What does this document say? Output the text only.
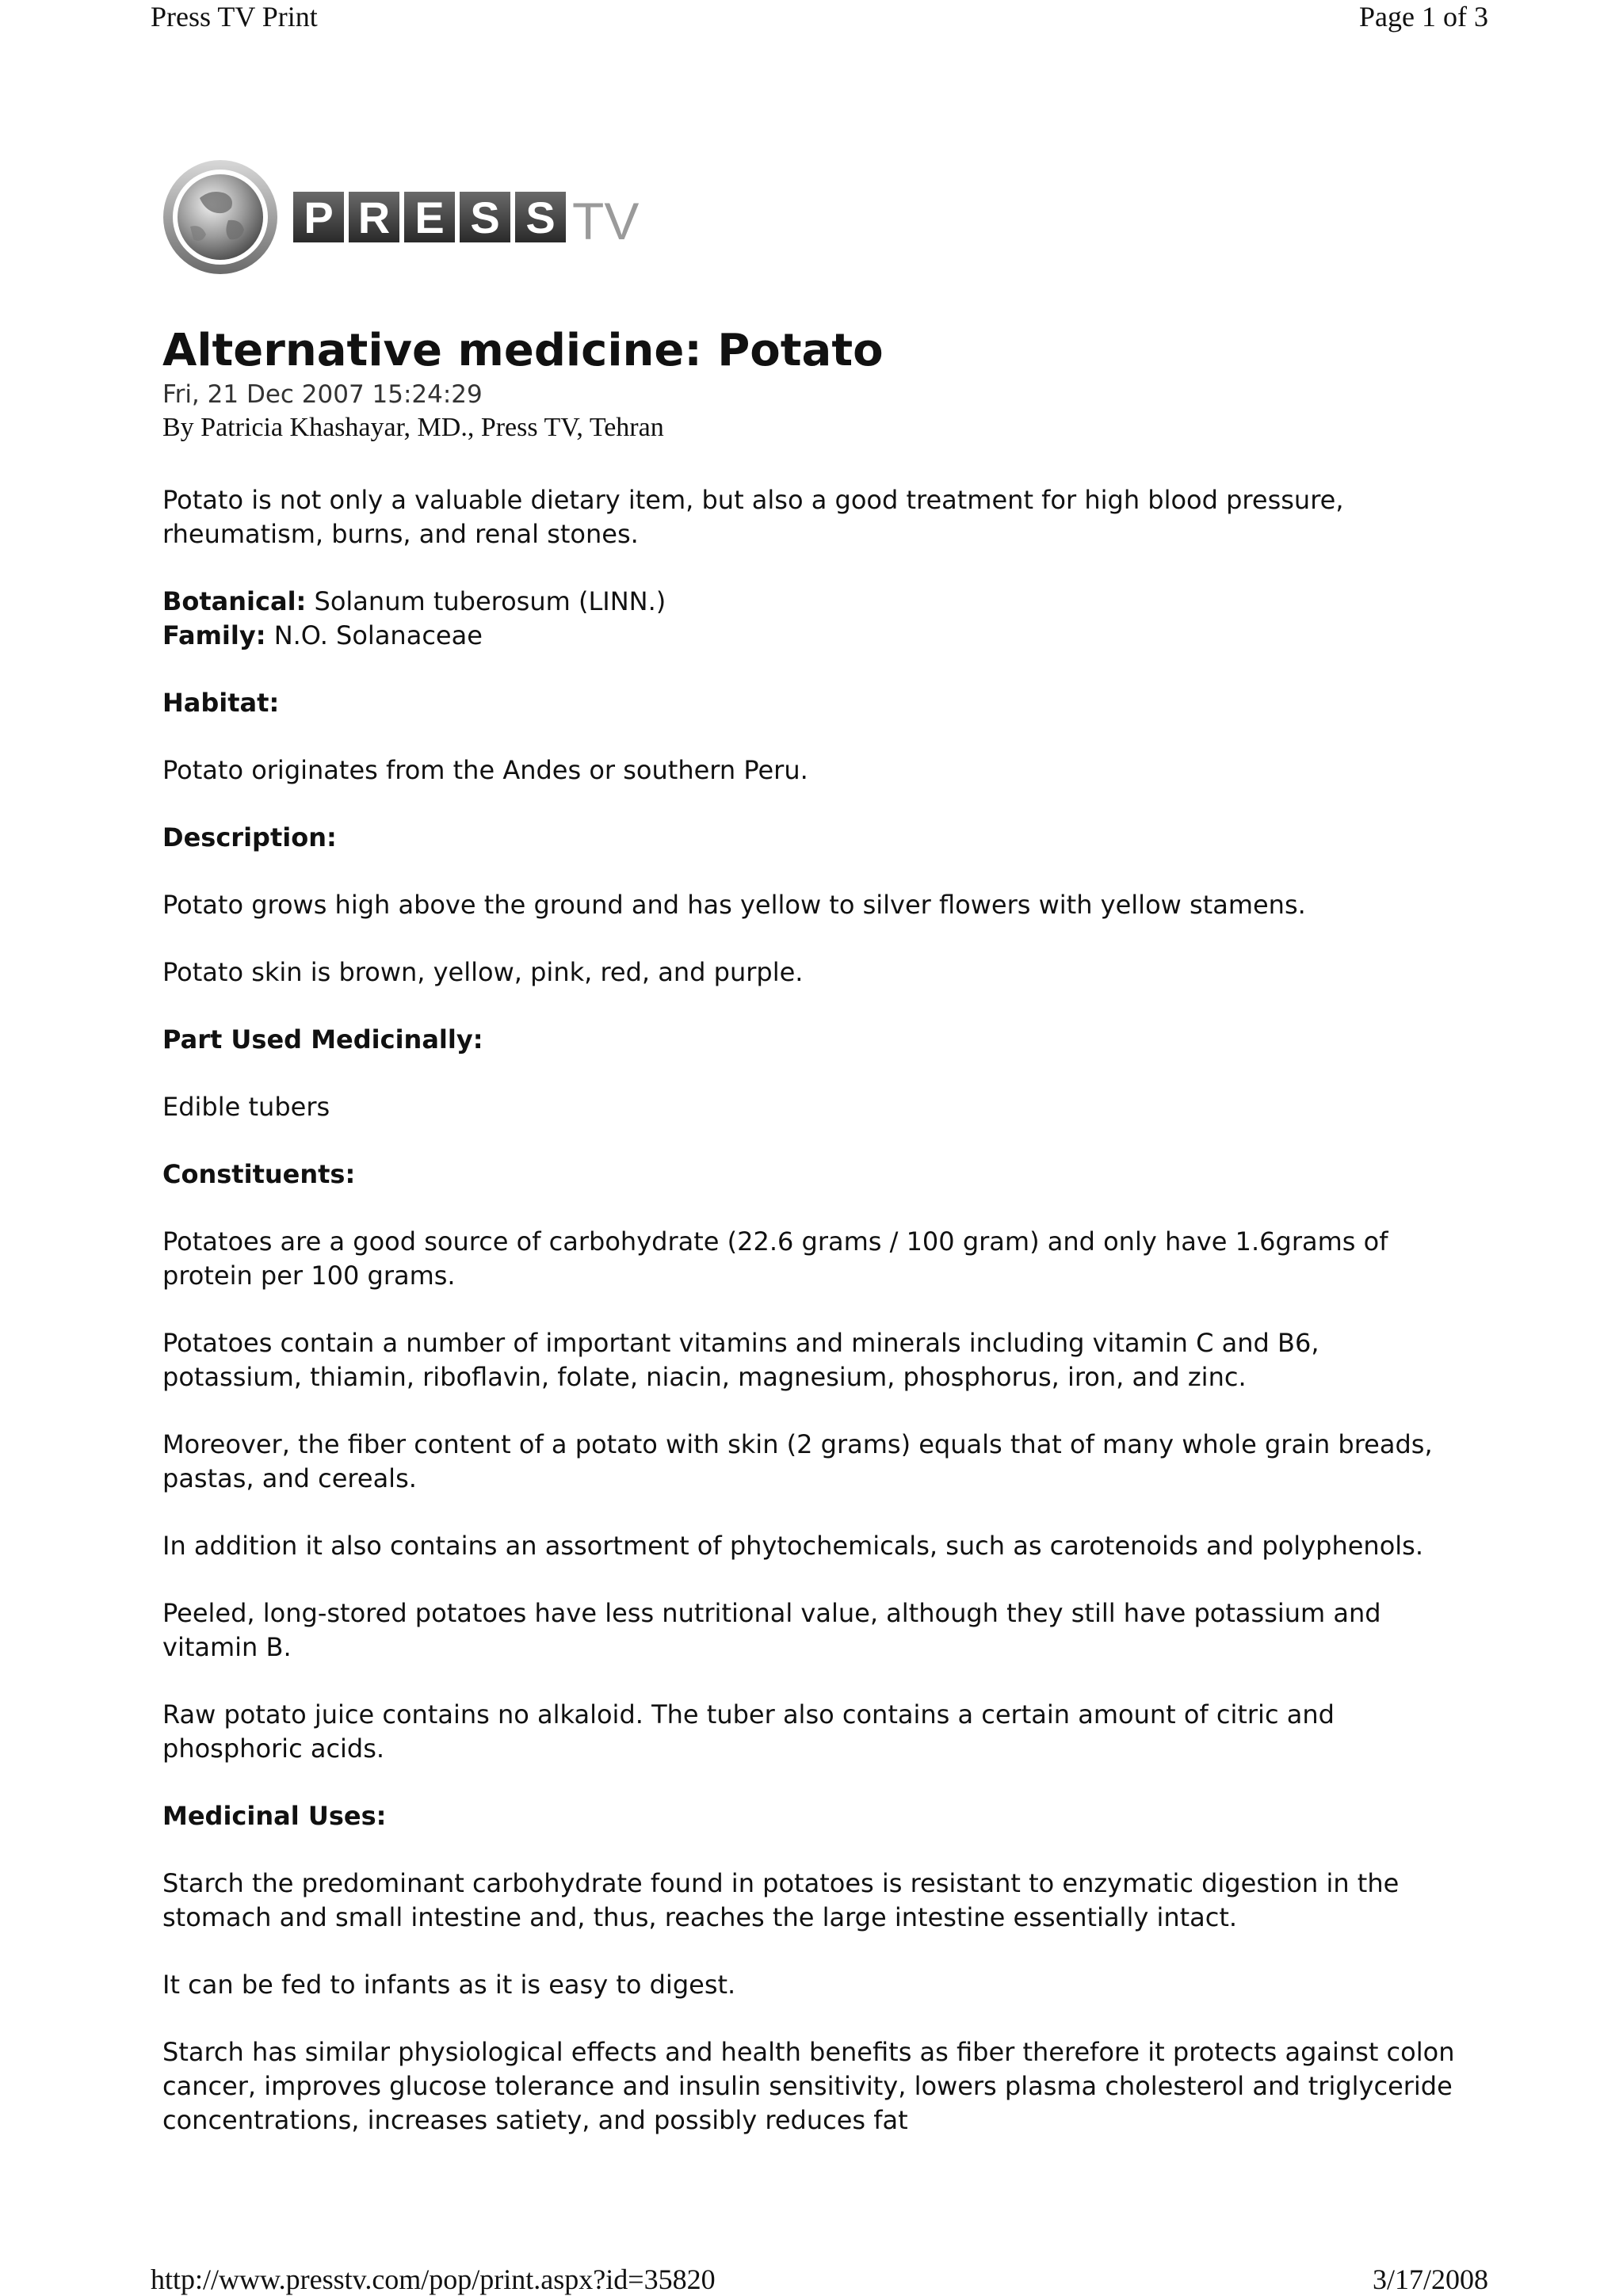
Press TV Print	Page 1 of 3
P R E S S TV
Alternative medicine: Potato

Fri, 21 Dec 2007 15:24:29

By Patricia Khashayar, MD., Press TV, Tehran

Potato is not only a valuable dietary item, but also a good treatment for high blood pressure, rheumatism, burns, and renal stones.

Botanical: Solanum tuberosum (LINN.)

Family: N.O. Solanaceae

Habitat:

Potato originates from the Andes or southern Peru.

Description:

Potato grows high above the ground and has yellow to silver flowers with yellow stamens.

Potato skin is brown, yellow, pink, red, and purple.

Part Used Medicinally:

Edible tubers

Constituents:

Potatoes are a good source of carbohydrate (22.6 grams / 100 gram) and only have 1.6grams of protein per 100 grams.

Potatoes contain a number of important vitamins and minerals including vitamin C and B6, potassium, thiamin, riboflavin, folate, niacin, magnesium, phosphorus, iron, and zinc.

Moreover, the fiber content of a potato with skin (2 grams) equals that of many whole grain breads, pastas, and cereals.

In addition it also contains an assortment of phytochemicals, such as carotenoids and polyphenols.

Peeled, long-stored potatoes have less nutritional value, although they still have potassium and vitamin B.

Raw potato juice contains no alkaloid. The tuber also contains a certain amount of citric and phosphoric acids.

Medicinal Uses:

Starch the predominant carbohydrate found in potatoes is resistant to enzymatic digestion in the stomach and small intestine and, thus, reaches the large intestine essentially intact.

It can be fed to infants as it is easy to digest.

Starch has similar physiological effects and health benefits as fiber therefore it protects against colon cancer, improves glucose tolerance and insulin sensitivity, lowers plasma cholesterol and triglyceride concentrations, increases satiety, and possibly reduces fat

http://www.presstv.com/pop/print.aspx?id=35820	3/17/2008
